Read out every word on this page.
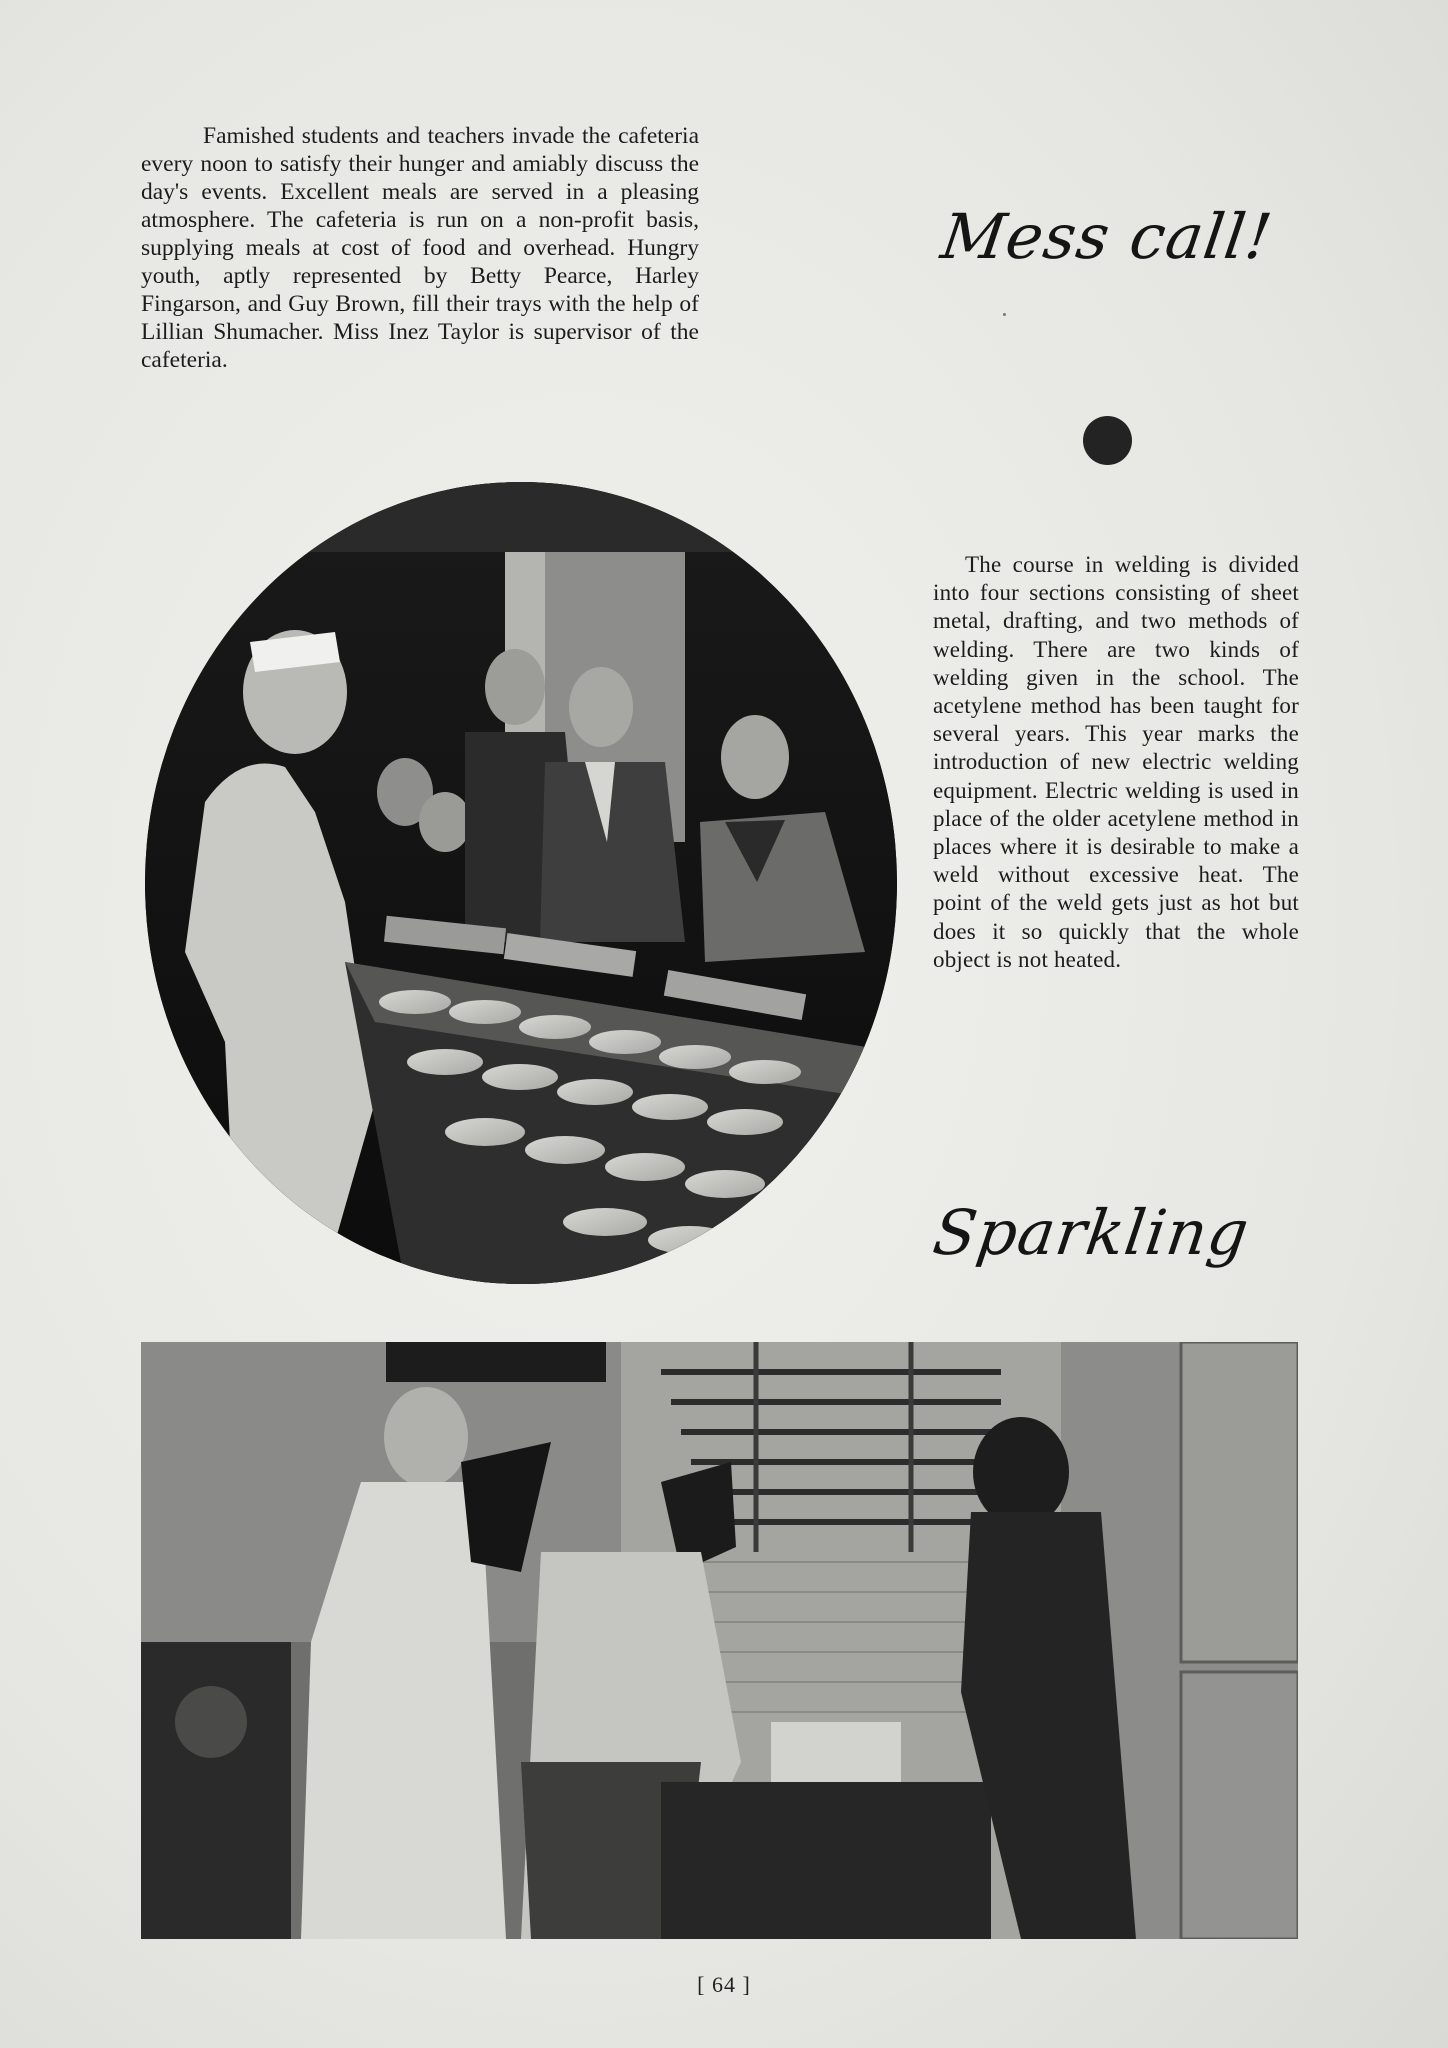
Famished students and teachers invade the cafeteria every noon to satisfy their hunger and amiably discuss the day's events. Excellent meals are served in a pleasing atmosphere. The cafeteria is run on a non-profit basis, supplying meals at cost of food and overhead. Hungry youth, aptly represented by Betty Pearce, Harley Fingarson, and Guy Brown, fill their trays with the help of Lillian Shumacher. Miss Inez Taylor is supervisor of the cafeteria.

Mess call!

The course in welding is divided into four sections consisting of sheet metal, drafting, and two methods of welding. There are two kinds of welding given in the school. The acetylene method has been taught for several years. This year marks the introduction of new electric welding equipment. Electric welding is used in place of the older acetylene method in places where it is desirable to make a weld without excessive heat. The point of the weld gets just as hot but does it so quickly that the whole object is not heated.

Sparkling
[ 64 ]
